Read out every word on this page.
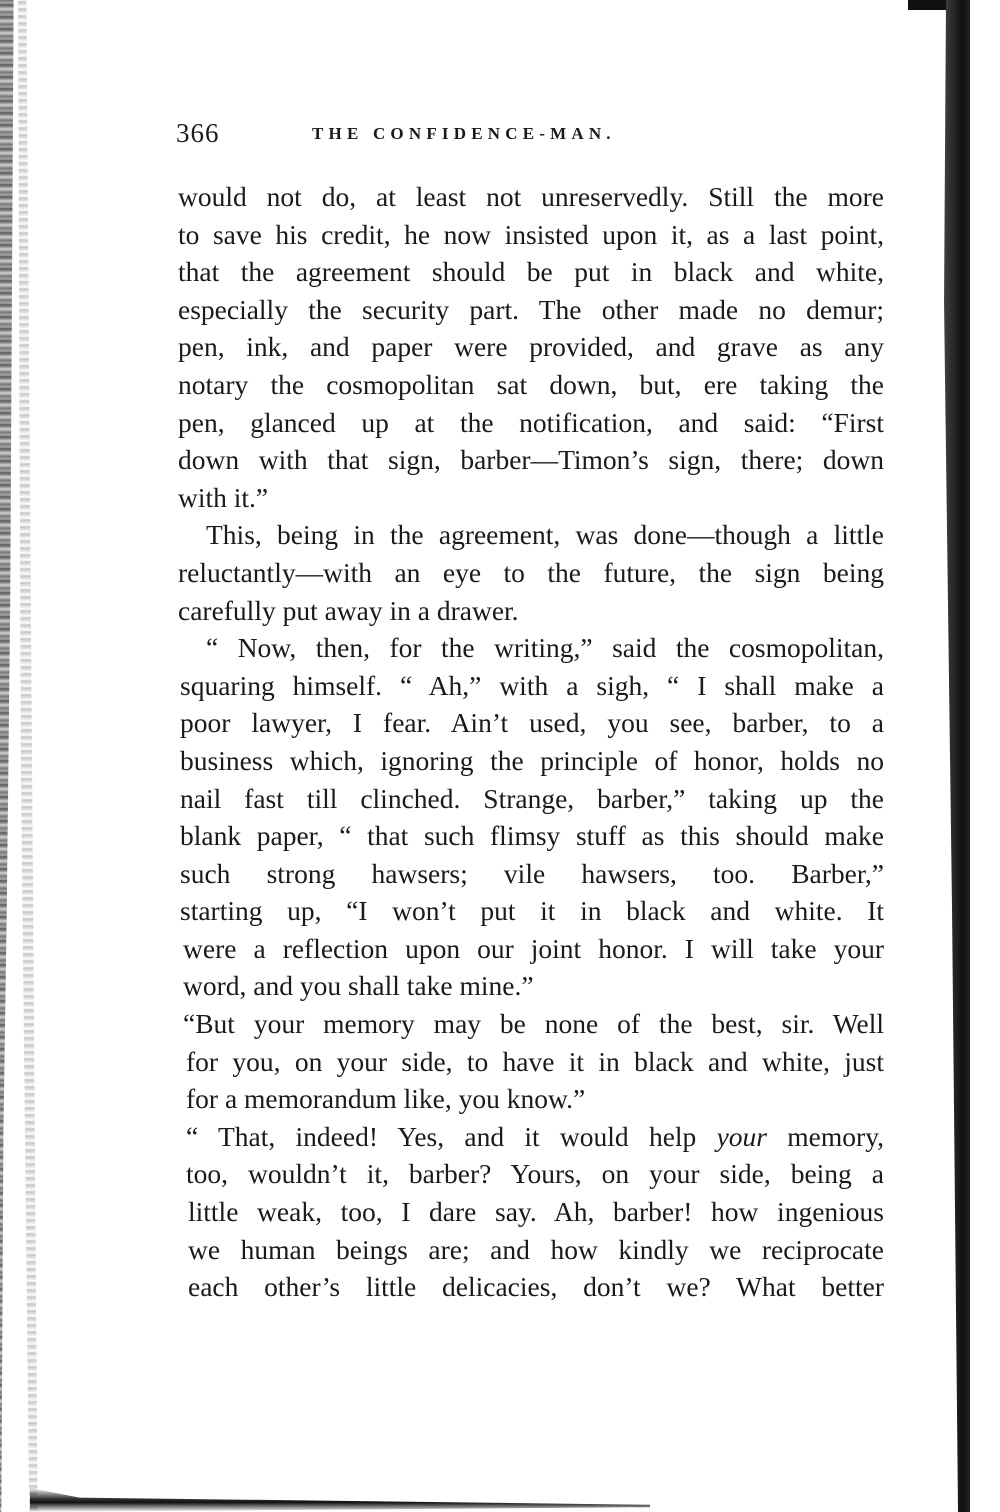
366	THE CONFIDENCE-MAN.
would not do, at least not unreservedly. Still the more
to save his credit, he now insisted upon it, as a last point,
that the agreement should be put in black and white,
especially the security part. The other made no demur;
pen, ink, and paper were provided, and grave as any
notary the cosmopolitan sat down, but, ere taking the
pen, glanced up at the notification, and said: “First
down with that sign, barber—Timon’s sign, there; down
with it.”
This, being in the agreement, was done—though a little
reluctantly—with an eye to the future, the sign being
carefully put away in a drawer.
“ Now, then, for the writing,” said the cosmopolitan,
squaring himself. “ Ah,” with a sigh, “ I shall make a
poor lawyer, I fear. Ain’t used, you see, barber, to a
business which, ignoring the principle of honor, holds no
nail fast till clinched. Strange, barber,” taking up the
blank paper, “ that such flimsy stuff as this should make
such strong hawsers; vile hawsers, too. Barber,”
starting up, “I won’t put it in black and white. It
were a reflection upon our joint honor. I will take your
word, and you shall take mine.”
“But your memory may be none of the best, sir. Well
for you, on your side, to have it in black and white, just
for a memorandum like, you know.”
“ That, indeed! Yes, and it would help your memory,
too, wouldn’t it, barber? Yours, on your side, being a
little weak, too, I dare say. Ah, barber! how ingenious
we human beings are; and how kindly we reciprocate
each other’s little delicacies, don’t we? What better
